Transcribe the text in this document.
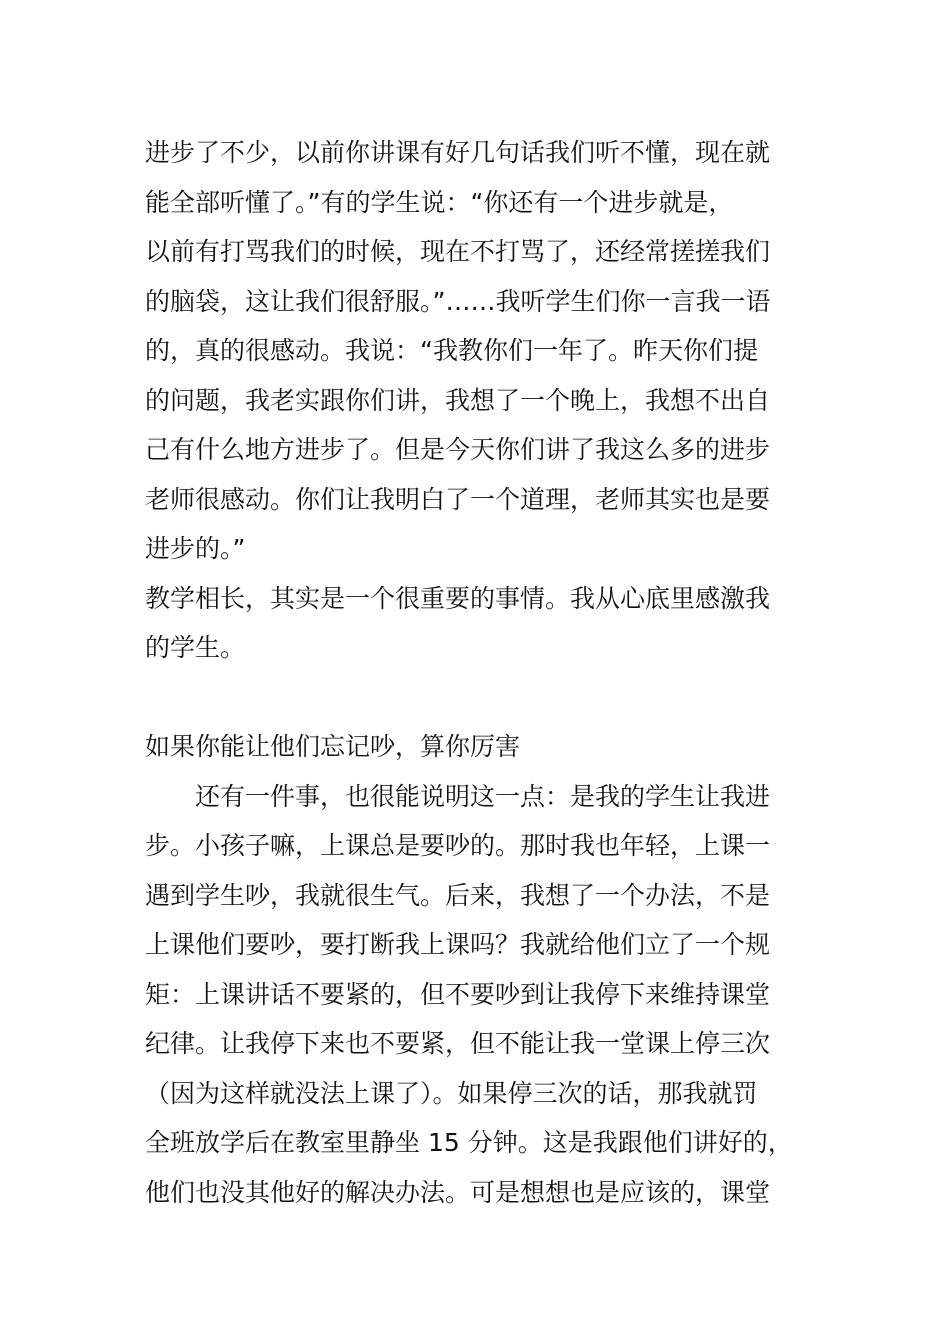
进步了不少，以前你讲课有好几句话我们听不懂，现在就
能全部听懂了。”有的学生说：“你还有一个进步就是，
以前有打骂我们的时候，现在不打骂了，还经常搓搓我们
的脑袋，这让我们很舒服。”……我听学生们你一言我一语
的，真的很感动。我说：“我教你们一年了。昨天你们提
的问题，我老实跟你们讲，我想了一个晚上，我想不出自
己有什么地方进步了。但是今天你们讲了我这么多的进步
老师很感动。你们让我明白了一个道理，老师其实也是要
进步的。”
教学相长，其实是一个很重要的事情。我从心底里感激我
的学生。
如果你能让他们忘记吵，算你厉害
还有一件事，也很能说明这一点：是我的学生让我进
步。小孩子嘛，上课总是要吵的。那时我也年轻，上课一
遇到学生吵，我就很生气。后来，我想了一个办法，不是
上课他们要吵，要打断我上课吗？我就给他们立了一个规
矩：上课讲话不要紧的，但不要吵到让我停下来维持课堂
纪律。让我停下来也不要紧，但不能让我一堂课上停三次
（因为这样就没法上课了）。如果停三次的话，那我就罚
全班放学后在教室里静坐 15 分钟。这是我跟他们讲好的，
他们也没其他好的解决办法。可是想想也是应该的，课堂
